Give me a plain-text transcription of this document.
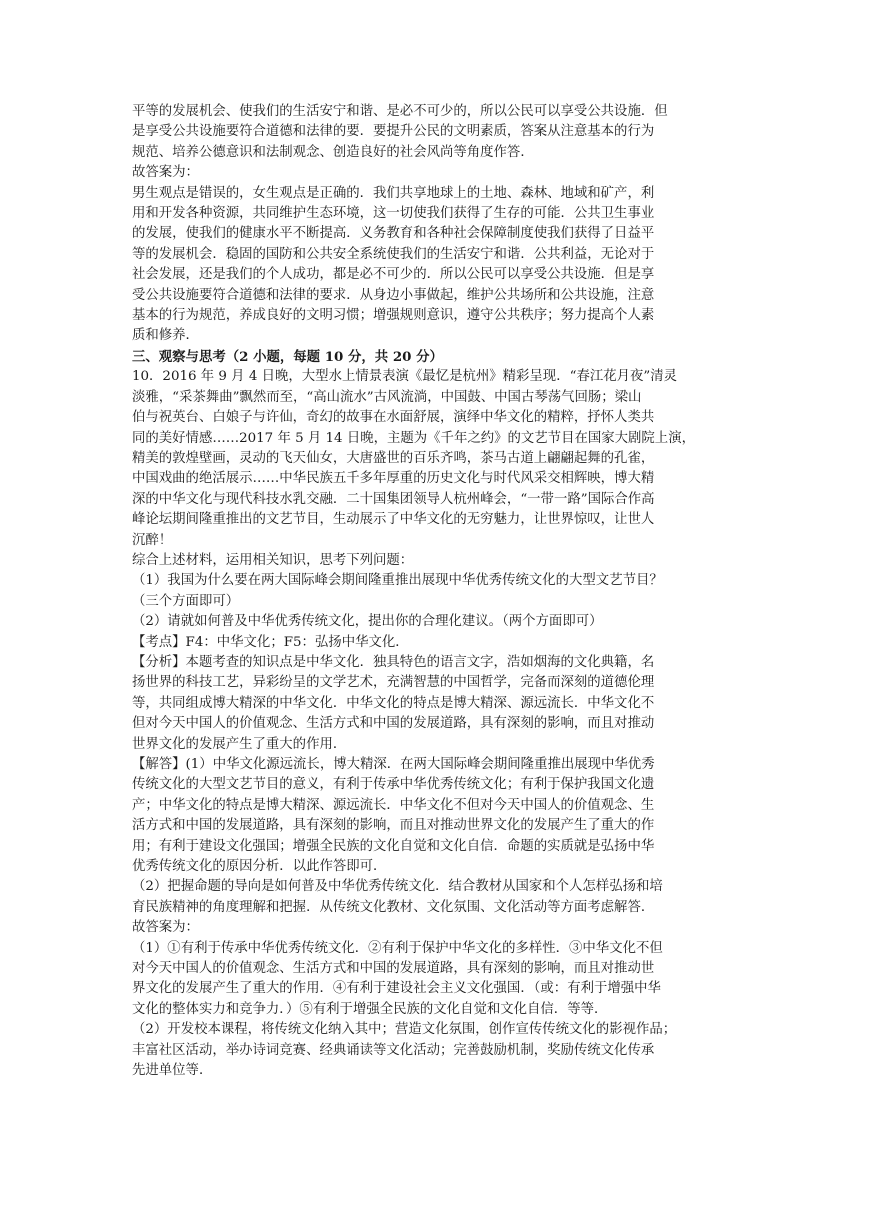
平等的发展机会、使我们的生活安宁和谐、是必不可少的，所以公民可以享受公共设施．但

是享受公共设施要符合道德和法律的要．要提升公民的文明素质，答案从注意基本的行为

规范、培养公德意识和法制观念、创造良好的社会风尚等角度作答．

故答案为：

男生观点是错误的，女生观点是正确的．我们共享地球上的土地、森林、地域和矿产，利

用和开发各种资源，共同维护生态环境，这一切使我们获得了生存的可能．公共卫生事业

的发展，使我们的健康水平不断提高．义务教育和各种社会保障制度使我们获得了日益平

等的发展机会．稳固的国防和公共安全系统使我们的生活安宁和谐．公共利益，无论对于

社会发展，还是我们的个人成功，都是必不可少的．所以公民可以享受公共设施．但是享

受公共设施要符合道德和法律的要求．从身边小事做起，维护公共场所和公共设施，注意

基本的行为规范，养成良好的文明习惯；增强规则意识，遵守公共秩序；努力提高个人素

质和修养．

三、观察与思考（2 小题，每题 10 分，共 20 分）

10．2016 年 9 月 4 日晚，大型水上情景表演《最忆是杭州》精彩呈现．“春江花月夜”清灵

淡雅，“采茶舞曲”飘然而至，“高山流水”古风流淌，中国鼓、中国古琴荡气回肠；梁山

伯与祝英台、白娘子与许仙，奇幻的故事在水面舒展，演绎中华文化的精粹，抒怀人类共

同的美好情感……2017 年 5 月 14 日晚，主题为《千年之约》的文艺节目在国家大剧院上演，

精美的敦煌壁画，灵动的飞天仙女，大唐盛世的百乐齐鸣，茶马古道上翩翩起舞的孔雀，

中国戏曲的绝活展示……中华民族五千多年厚重的历史文化与时代风采交相辉映，博大精

深的中华文化与现代科技水乳交融．二十国集团领导人杭州峰会，“一带一路”国际合作高

峰论坛期间隆重推出的文艺节目，生动展示了中华文化的无穷魅力，让世界惊叹，让世人

沉醉！

综合上述材料，运用相关知识，思考下列问题：

（1）我国为什么要在两大国际峰会期间隆重推出展现中华优秀传统文化的大型文艺节目？

（三个方面即可）

（2）请就如何普及中华优秀传统文化，提出你的合理化建议。（两个方面即可）

【考点】F4：中华文化；F5：弘扬中华文化．

【分析】本题考查的知识点是中华文化．独具特色的语言文字，浩如烟海的文化典籍，名

扬世界的科技工艺，异彩纷呈的文学艺术，充满智慧的中国哲学，完备而深刻的道德伦理

等，共同组成博大精深的中华文化．中华文化的特点是博大精深、源远流长．中华文化不

但对今天中国人的价值观念、生活方式和中国的发展道路，具有深刻的影响，而且对推动

世界文化的发展产生了重大的作用．

【解答】(1）中华文化源远流长，博大精深．在两大国际峰会期间隆重推出展现中华优秀

传统文化的大型文艺节目的意义，有利于传承中华优秀传统文化；有利于保护我国文化遗

产；中华文化的特点是博大精深、源远流长．中华文化不但对今天中国人的价值观念、生

活方式和中国的发展道路，具有深刻的影响，而且对推动世界文化的发展产生了重大的作

用；有利于建设文化强国；增强全民族的文化自觉和文化自信．命题的实质就是弘扬中华

优秀传统文化的原因分析．以此作答即可．

（2）把握命题的导向是如何普及中华优秀传统文化．结合教材从国家和个人怎样弘扬和培

育民族精神的角度理解和把握．从传统文化教材、文化氛围、文化活动等方面考虑解答．

故答案为：

（1）①有利于传承中华优秀传统文化．②有利于保护中华文化的多样性．③中华文化不但

对今天中国人的价值观念、生活方式和中国的发展道路，具有深刻的影响，而且对推动世

界文化的发展产生了重大的作用．④有利于建设社会主义文化强国．（或：有利于增强中华

文化的整体实力和竞争力．）⑤有利于增强全民族的文化自觉和文化自信．等等．

（2）开发校本课程，将传统文化纳入其中；营造文化氛围，创作宣传传统文化的影视作品；

丰富社区活动，举办诗词竞赛、经典诵读等文化活动；完善鼓励机制，奖励传统文化传承

先进单位等．
